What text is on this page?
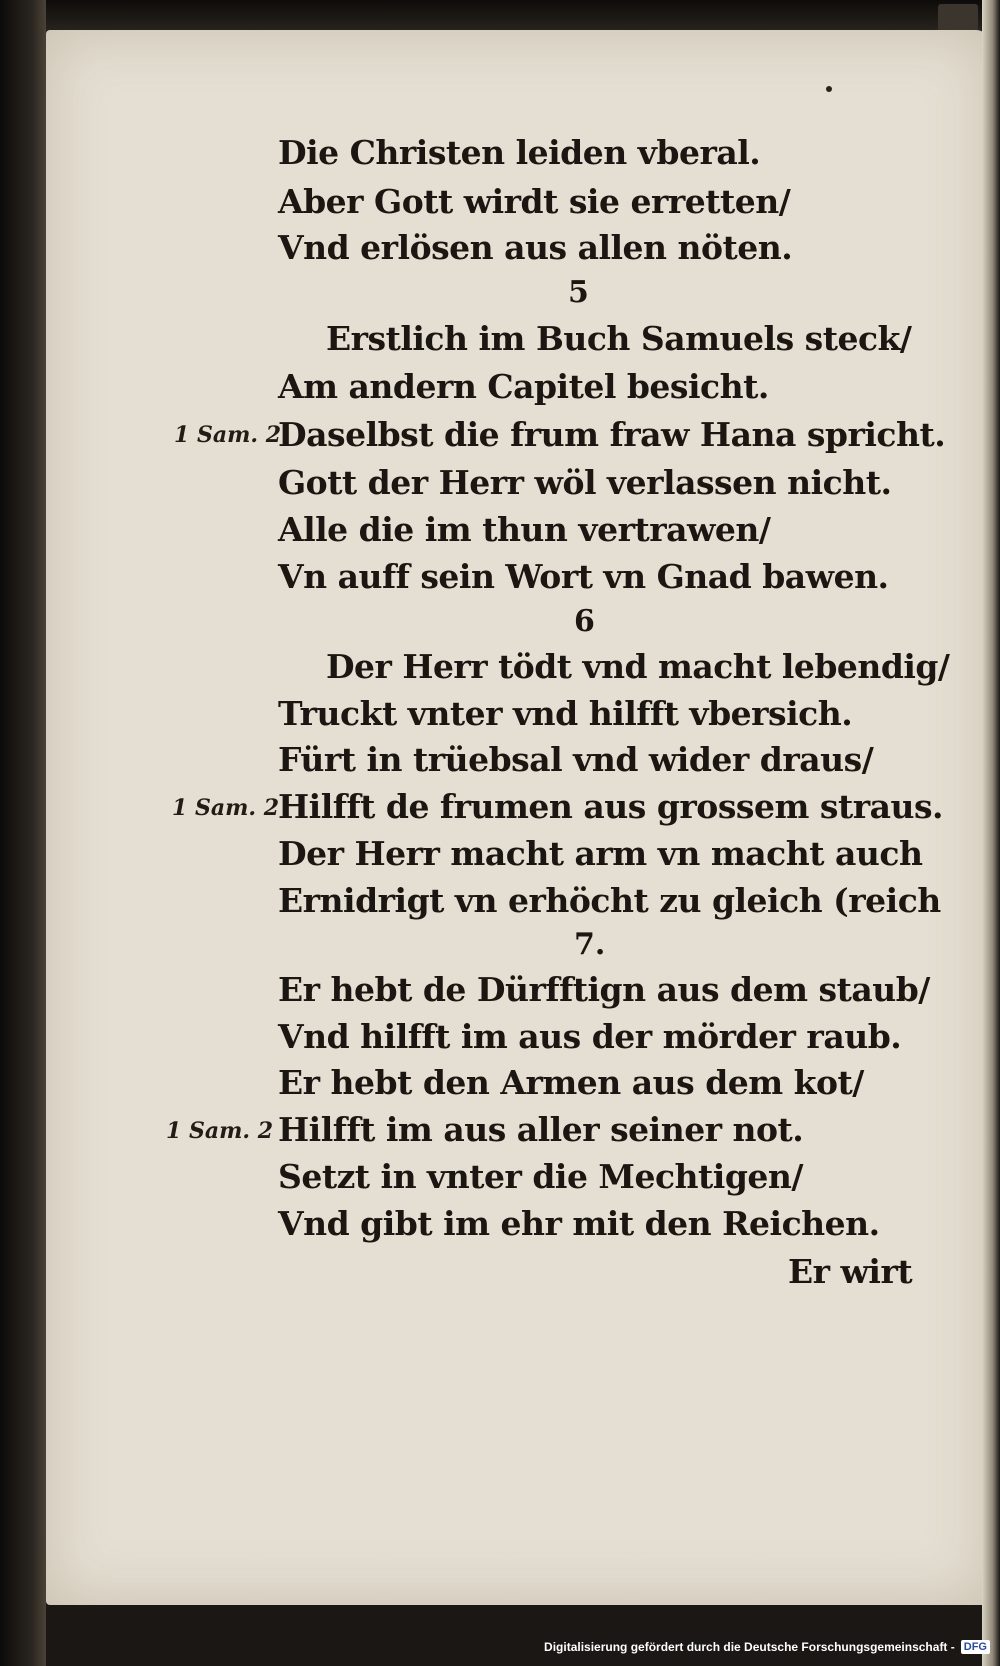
Die Christen leiden vberal.
Aber Gott wirdt sie erretten/
Vnd erlösen aus allen nöten.
5
Erstlich im Buch Samuels steck/
Am andern Capitel besicht.
1 Sam. 2
Daselbst die frum fraw Hana spricht.
Gott der Herr wöl verlassen nicht.
Alle die im thun vertrawen/
Vn auff sein Wort vn Gnad bawen.
6
Der Herr tödt vnd macht lebendig/
Truckt vnter vnd hilfft vbersich.
Fürt in trüebsal vnd wider draus/
1 Sam. 2
Hilfft de frumen aus grossem straus.
Der Herr macht arm vn macht auch
Ernidrigt vn erhöcht zu gleich (reich
7.
Er hebt de Dürfftign aus dem staub/
Vnd hilfft im aus der mörder raub.
Er hebt den Armen aus dem kot/
1 Sam. 2 Hilfft im aus aller seiner not.
Setzt in vnter die Mechtigen/
Vnd gibt im ehr mit den Reichen.
Er wirt
Digitalisierung gefördert durch die Deutsche Forschungsgemeinschaft - DFG
